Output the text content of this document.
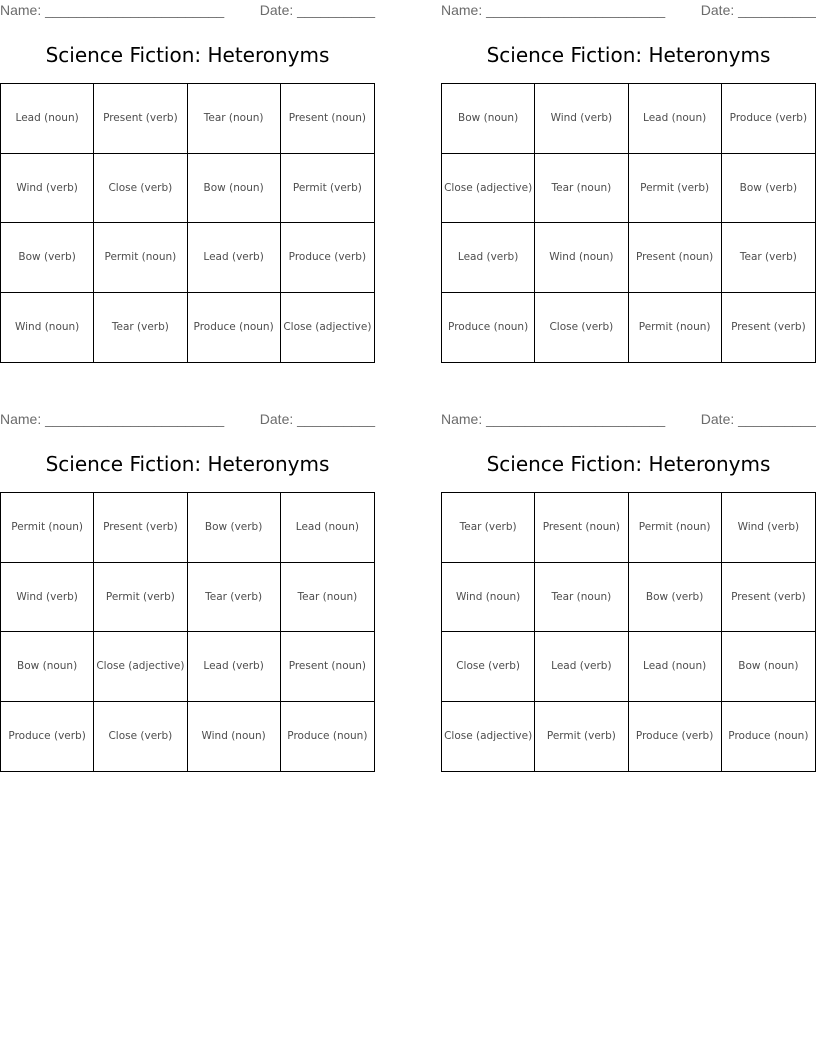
Name: _______________________	Date: __________
Science Fiction: Heteronyms
Lead (noun)	Present (verb)	Tear (noun)	Present (noun)
Wind (verb)	Close (verb)	Bow (noun)	Permit (verb)
Bow (verb)	Permit (noun)	Lead (verb)	Produce (verb)
Wind (noun)	Tear (verb)	Produce (noun) Close (adjective)
Name: _______________________	Date: __________
Science Fiction: Heteronyms
Bow (noun)	Wind (verb)	Lead (noun)	Produce (verb)
Close (adjective)	Tear (noun)	Permit (verb)	Bow (verb)
Lead (verb)	Wind (noun)	Present (noun)	Tear (verb)
Produce (noun)	Close (verb)	Permit (noun)	Present (verb)
Name: _______________________	Date: __________
Science Fiction: Heteronyms
Permit (noun)	Present (verb)	Bow (verb)	Lead (noun)
Wind (verb)	Permit (verb)	Tear (verb)	Tear (noun)
Bow (noun)	Close (adjective)	Lead (verb)	Present (noun)
Produce (verb)	Close (verb)	Wind (noun)	Produce (noun)
Name: _______________________	Date: __________
Science Fiction: Heteronyms
Tear (verb)	Present (noun)	Permit (noun)	Wind (verb)
Wind (noun)	Tear (noun)	Bow (verb)	Present (verb)
Close (verb)	Lead (verb)	Lead (noun)	Bow (noun)
Close (adjective)	Permit (verb)	Produce (verb)	Produce (noun)
